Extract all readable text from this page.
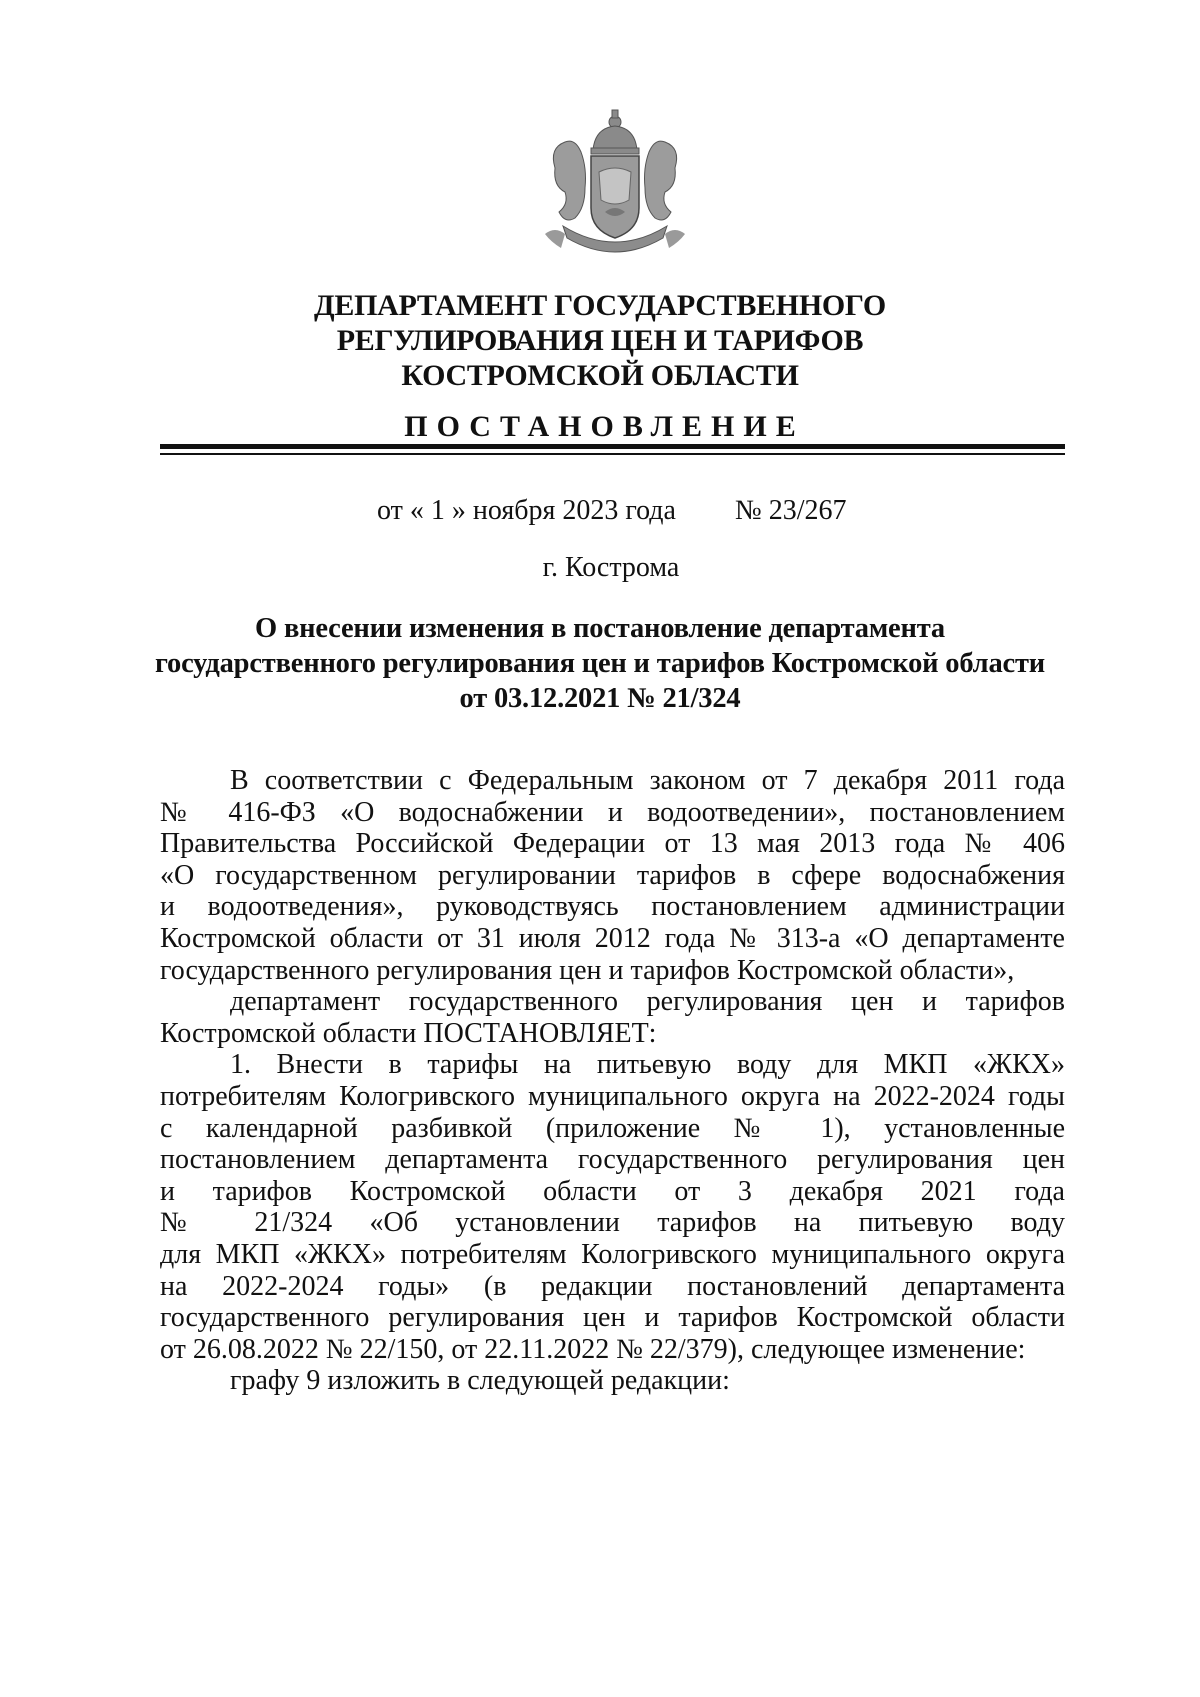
ДЕПАРТАМЕНТ ГОСУДАРСТВЕННОГО
РЕГУЛИРОВАНИЯ ЦЕН И ТАРИФОВ
КОСТРОМСКОЙ ОБЛАСТИ
ПОСТАНОВЛЕНИЕ
от « 1 » ноября 2023 года № 23/267
г. Кострома
О внесении изменения в постановление департамента
государственного регулирования цен и тарифов Костромской области
от 03.12.2021 № 21/324
В соответствии с Федеральным законом от 7 декабря 2011 года
№ 416-ФЗ «О водоснабжении и водоотведении», постановлением
Правительства Российской Федерации от 13 мая 2013 года № 406
«О государственном регулировании тарифов в сфере водоснабжения
и водоотведения», руководствуясь постановлением администрации
Костромской области от 31 июля 2012 года № 313-а «О департаменте
государственного регулирования цен и тарифов Костромской области»,
департамент государственного регулирования цен и тарифов
Костромской области ПОСТАНОВЛЯЕТ:
1. Внести в тарифы на питьевую воду для МКП «ЖКХ»
потребителям Кологривского муниципального округа на 2022-2024 годы
с календарной разбивкой (приложение № 1), установленные
постановлением департамента государственного регулирования цен
и тарифов Костромской области от 3 декабря 2021 года
№ 21/324 «Об установлении тарифов на питьевую воду
для МКП «ЖКХ» потребителям Кологривского муниципального округа
на 2022-2024 годы» (в редакции постановлений департамента
государственного регулирования цен и тарифов Костромской области
от 26.08.2022 № 22/150, от 22.11.2022 № 22/379), следующее изменение:
графу 9 изложить в следующей редакции:
